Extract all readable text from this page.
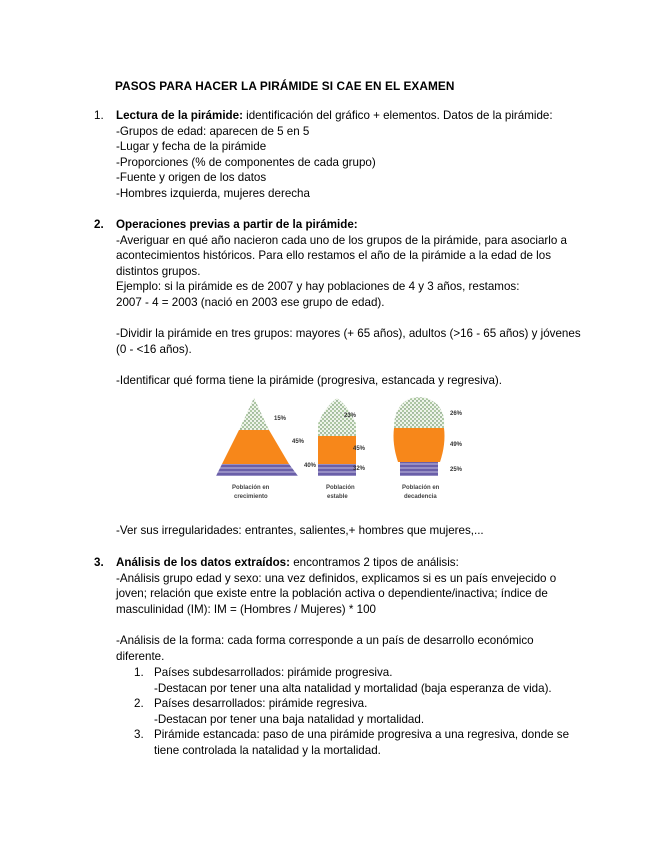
PASOS PARA HACER LA PIRÁMIDE SI CAE EN EL EXAMEN
1. Lectura de la pirámide: identificación del gráfico + elementos. Datos de la pirámide:

-Grupos de edad: aparecen de 5 en 5

-Lugar y fecha de la pirámide

-Proporciones (% de componentes de cada grupo)

-Fuente y origen de los datos

-Hombres izquierda, mujeres derecha

2. Operaciones previas a partir de la pirámide:

-Averiguar en qué año nacieron cada uno de los grupos de la pirámide, para asociarlo a acontecimientos históricos. Para ello restamos el año de la pirámide a la edad de los distintos grupos.

Ejemplo: si la pirámide es de 2007 y hay poblaciones de 4 y 3 años, restamos:

2007 - 4 = 2003 (nació en 2003 ese grupo de edad).

-Dividir la pirámide en tres grupos: mayores (+ 65 años), adultos (>16 - 65 años) y jóvenes (0 - <16 años).

-Identificar qué forma tiene la pirámide (progresiva, estancada y regresiva).

15%
45%
40%
Población en
crecimiento
23%
45%
32%
Población
estable
26%
49%
25%
Población en
decadencia

-Ver sus irregularidades: entrantes, salientes,+ hombres que mujeres,...

3. Análisis de los datos extraídos: encontramos 2 tipos de análisis:

-Análisis grupo edad y sexo: una vez definidos, explicamos si es un país envejecido o joven; relación que existe entre la población activa o dependiente/inactiva; índice de masculinidad (IM): IM = (Hombres / Mujeres) * 100

-Análisis de la forma: cada forma corresponde a un país de desarrollo económico diferente.

1. Países subdesarrollados: pirámide progresiva.

-Destacan por tener una alta natalidad y mortalidad (baja esperanza de vida).

2. Países desarrollados: pirámide regresiva.

-Destacan por tener una baja natalidad y mortalidad.

3. Pirámide estancada: paso de una pirámide progresiva a una regresiva, donde se tiene controlada la natalidad y la mortalidad.
